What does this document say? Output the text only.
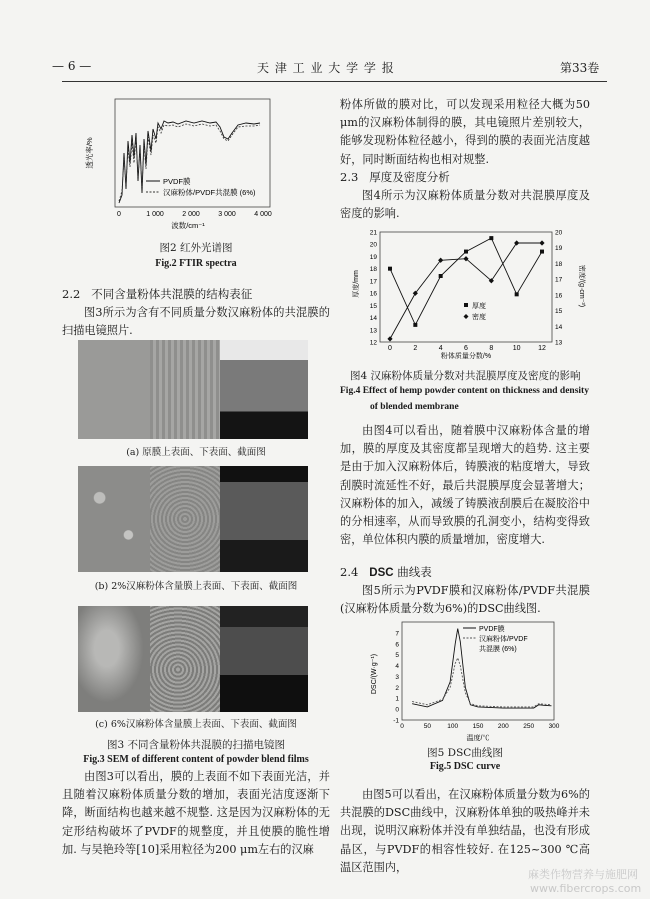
— 6 —	天 津 工 业 大 学 学 报	第33卷
PVDF膜
汉麻粉体/PVDF共混膜 (6%)
0	1 000	2 000	3 000	4 000
波数/cm⁻¹
透光率/%
图2 红外光谱图
Fig.2 FTIR spectra
2.2 不同含量粉体共混膜的结构表征
图3所示为含有不同质量分数汉麻粉体的共混膜的扫描电镜照片.
(a) 原膜上表面、下表面、截面图
(b) 2%汉麻粉体含量膜上表面、下表面、截面图
(c) 6%汉麻粉体含量膜上表面、下表面、截面图
图3 不同含量粉体共混膜的扫描电镜图
Fig.3 SEM of different content of powder blend films
由图3可以看出，膜的上表面不如下表面光洁，并且随着汉麻粉体质量分数的增加，表面光洁度逐渐下降，断面结构也越来越不规整. 这是因为汉麻粉体的无定形结构破坏了PVDF的规整度，并且使膜的脆性增加. 与吴艳玲等[10]采用粒径为200 μm左右的汉麻
粉体所做的膜对比，可以发现采用粒径大概为50 μm的汉麻粉体制得的膜，其电镜照片差别较大，能够发现粉体粒径越小，得到的膜的表面光洁度越好，同时断面结构也相对规整.
2.3 厚度及密度分析
图4所示为汉麻粉体质量分数对共混膜厚度及密度的影响.
0	2	4	6	8	10	12
12
13
14
15
16
17
18
19
20
21
13
14
15
16
17
18
19
20
厚度/mm	密度/(g·cm⁻³)
粉体质量分数/%
厚度
密度
图4 汉麻粉体质量分数对共混膜厚度及密度的影响
Fig.4 Effect of hemp powder content on thickness and density
of blended membrane
由图4可以看出，随着膜中汉麻粉体含量的增加，膜的厚度及其密度都呈现增大的趋势. 这主要是由于加入汉麻粉体后，铸膜液的粘度增大，导致刮膜时流延性不好，最后共混膜厚度会显著增大；汉麻粉体的加入，减缓了铸膜液刮膜后在凝胶浴中的分相速率，从而导致膜的孔洞变小，结构变得致密，单位体积内膜的质量增加，密度增大.
2.4 DSC 曲线表
图5所示为PVDF膜和汉麻粉体/PVDF共混膜(汉麻粉体质量分数为6%)的DSC曲线图.
0	50	100 150 200 250 300
-1
0
1
2
3
4
5
6
7
PVDF膜
汉麻粉体/PVDF
共混膜 (6%)
DSC/(W·g⁻¹)
温度/℃
图5 DSC曲线图
Fig.5 DSC curve
由图5可以看出，在汉麻粉体质量分数为6%的共混膜的DSC曲线中，汉麻粉体单独的吸热峰并未出现，说明汉麻粉体并没有单独结晶，也没有形成晶区，与PVDF的相容性较好. 在125~300 ℃高温区范围内，
麻类作物营养与施肥网
www.fibercrops.com
